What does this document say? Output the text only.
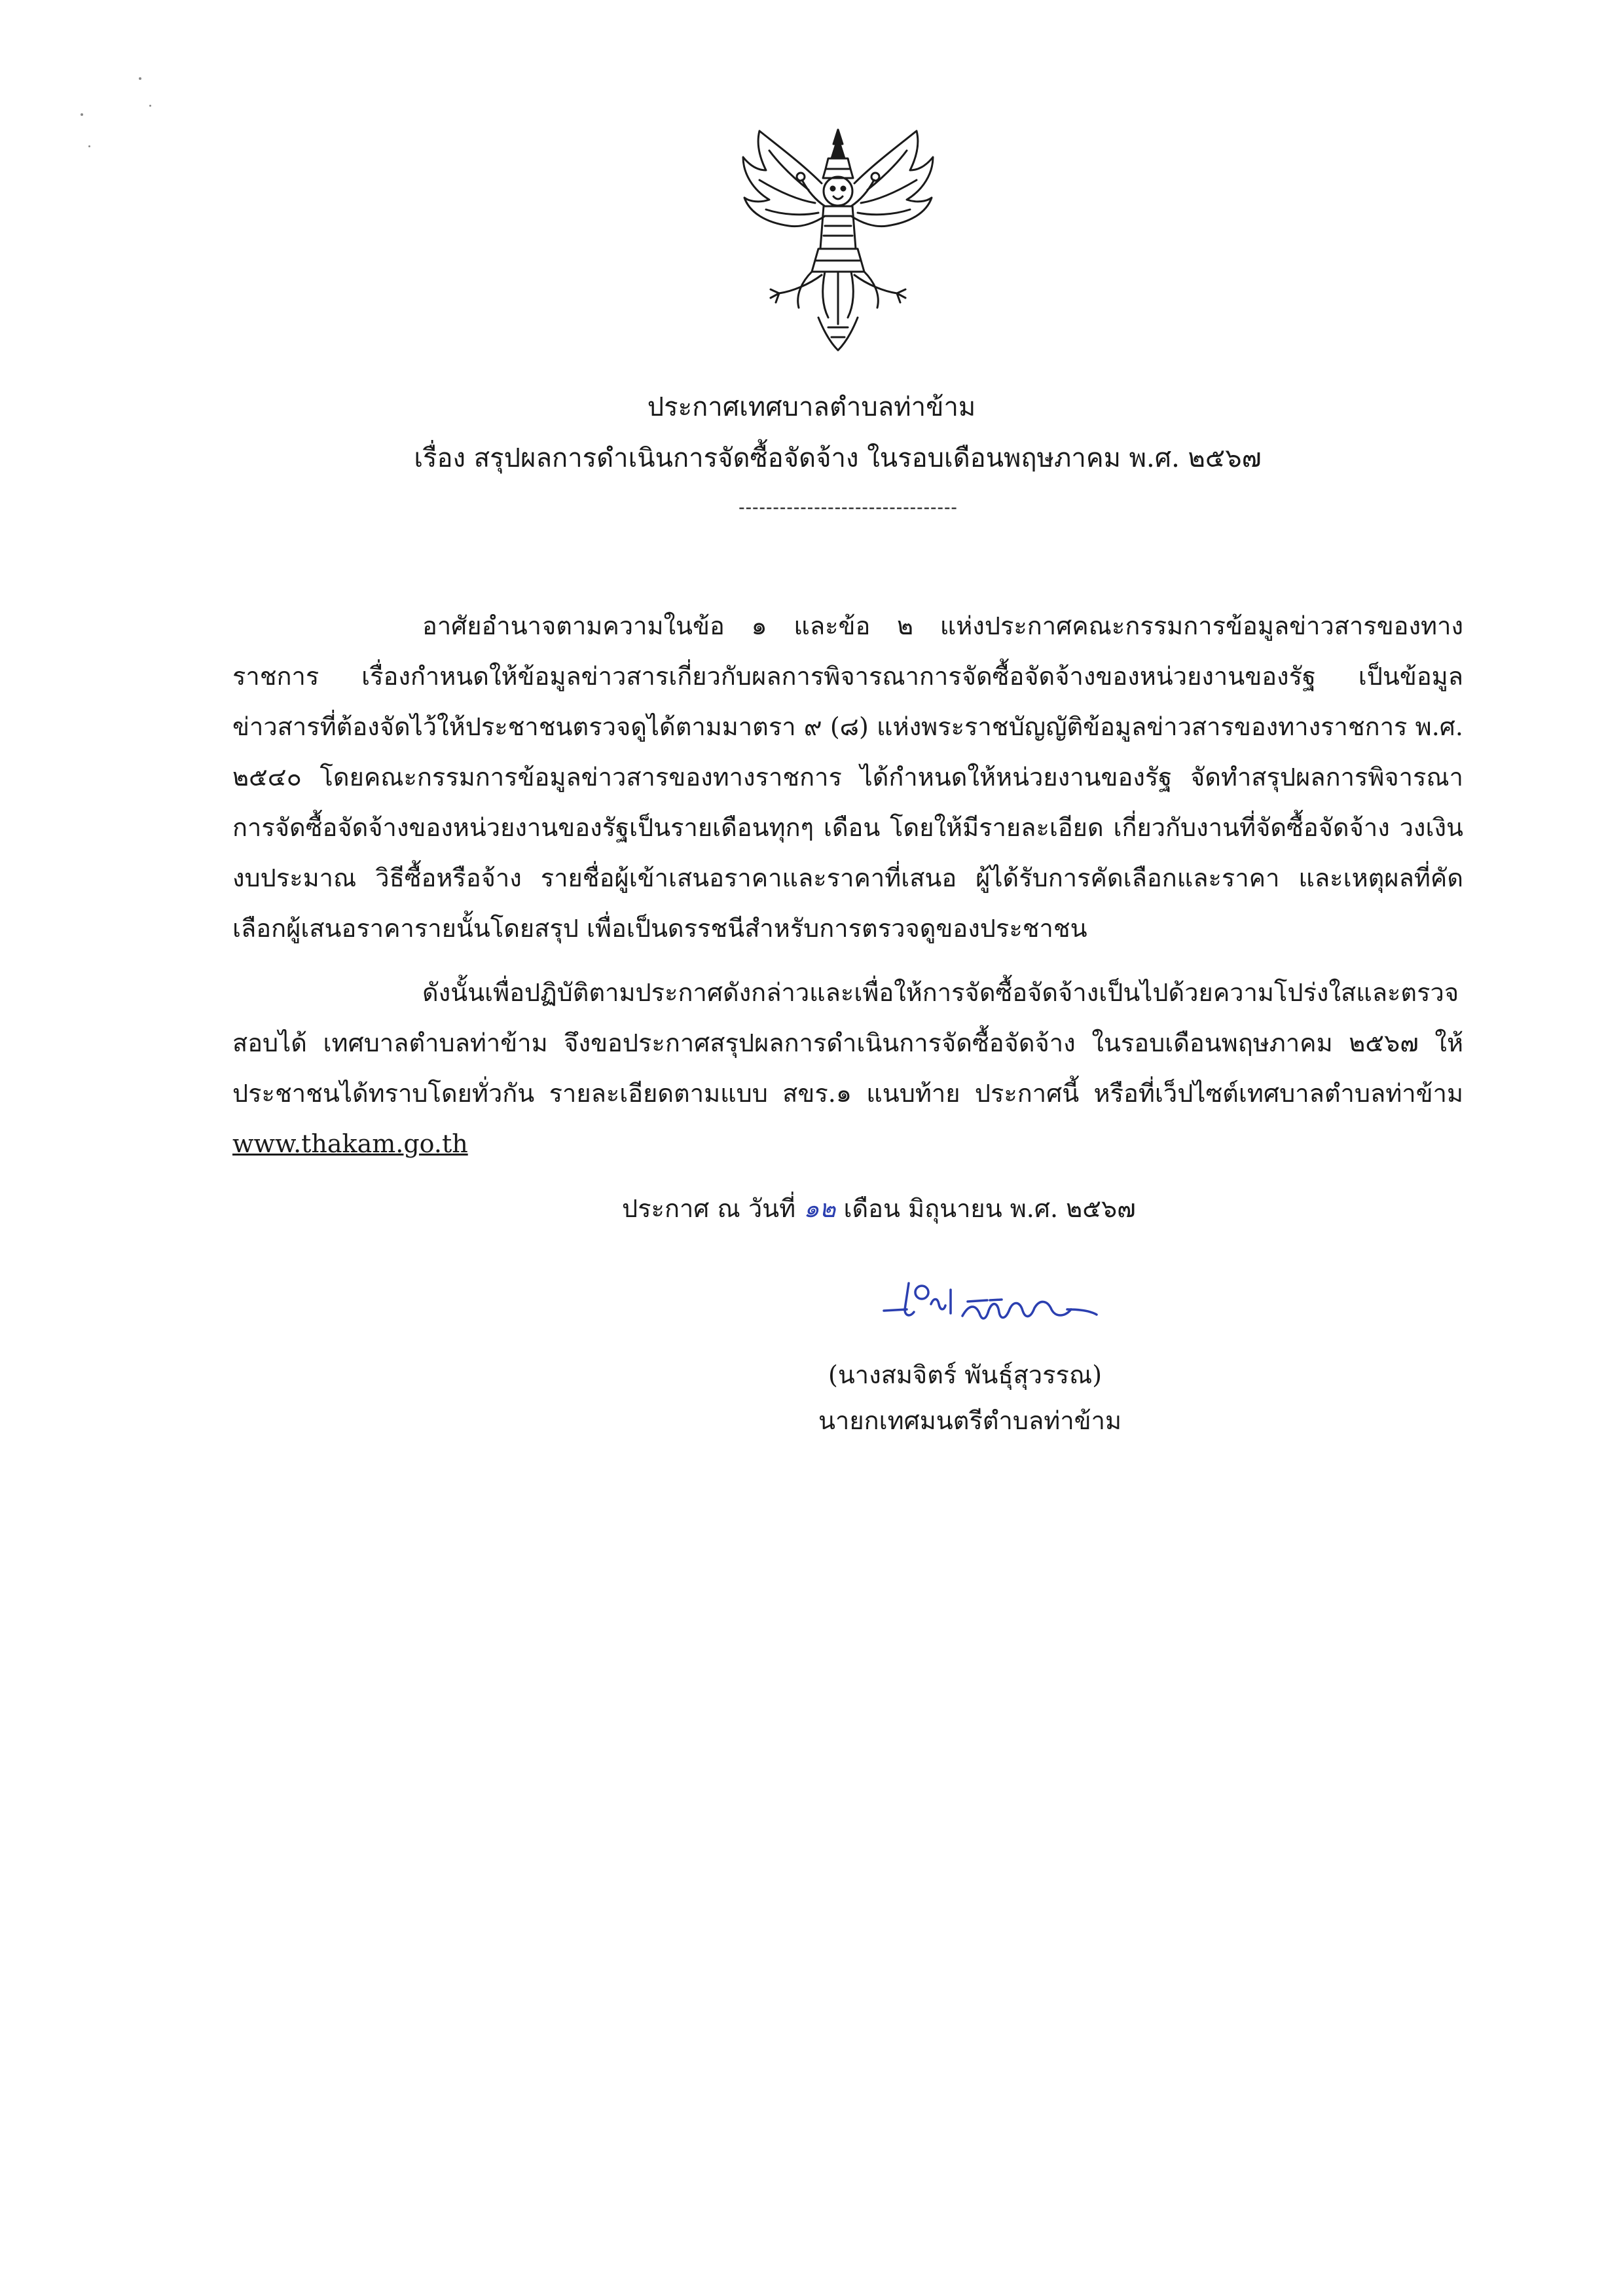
ประกาศเทศบาลตำบลท่าข้าม
เรื่อง สรุปผลการดำเนินการจัดซื้อจัดจ้าง ในรอบเดือนพฤษภาคม พ.ศ. ๒๕๖๗
--------------------------------

อาศัยอำนาจตามความในข้อ ๑ และข้อ ๒ แห่งประกาศคณะกรรมการข้อมูลข่าวสารของทางราชการ เรื่องกำหนดให้ข้อมูลข่าวสารเกี่ยวกับผลการพิจารณาการจัดซื้อจัดจ้างของหน่วยงานของรัฐ เป็นข้อมูลข่าวสารที่ต้องจัดไว้ให้ประชาชนตรวจดูได้ตามมาตรา ๙ (๘) แห่งพระราชบัญญัติข้อมูลข่าวสารของทางราชการ พ.ศ. ๒๕๔๐ โดยคณะกรรมการข้อมูลข่าวสารของทางราชการ ได้กำหนดให้หน่วยงานของรัฐ จัดทำสรุปผลการพิจารณาการจัดซื้อจัดจ้างของหน่วยงานของรัฐเป็นรายเดือนทุกๆ เดือน โดยให้มีรายละเอียด เกี่ยวกับงานที่จัดซื้อจัดจ้าง วงเงินงบประมาณ วิธีซื้อหรือจ้าง รายชื่อผู้เข้าเสนอราคาและราคาที่เสนอ ผู้ได้รับการคัดเลือกและราคา และเหตุผลที่คัดเลือกผู้เสนอราคารายนั้นโดยสรุป เพื่อเป็นดรรชนีสำหรับการตรวจดูของประชาชน

ดังนั้นเพื่อปฏิบัติตามประกาศดังกล่าวและเพื่อให้การจัดซื้อจัดจ้างเป็นไปด้วยความโปร่งใสและตรวจสอบได้ เทศบาลตำบลท่าข้าม จึงขอประกาศสรุปผลการดำเนินการจัดซื้อจัดจ้าง ในรอบเดือนพฤษภาคม ๒๕๖๗ ให้ประชาชนได้ทราบโดยทั่วกัน รายละเอียดตามแบบ สขร.๑ แนบท้าย ประกาศนี้ หรือที่เว็ปไซต์เทศบาลตำบลท่าข้าม www.thakam.go.th

ประกาศ ณ วันที่ ๑๒ เดือน มิถุนายน พ.ศ. ๒๕๖๗
(นางสมจิตร์ พันธุ์สุวรรณ)
นายกเทศมนตรีตำบลท่าข้าม
